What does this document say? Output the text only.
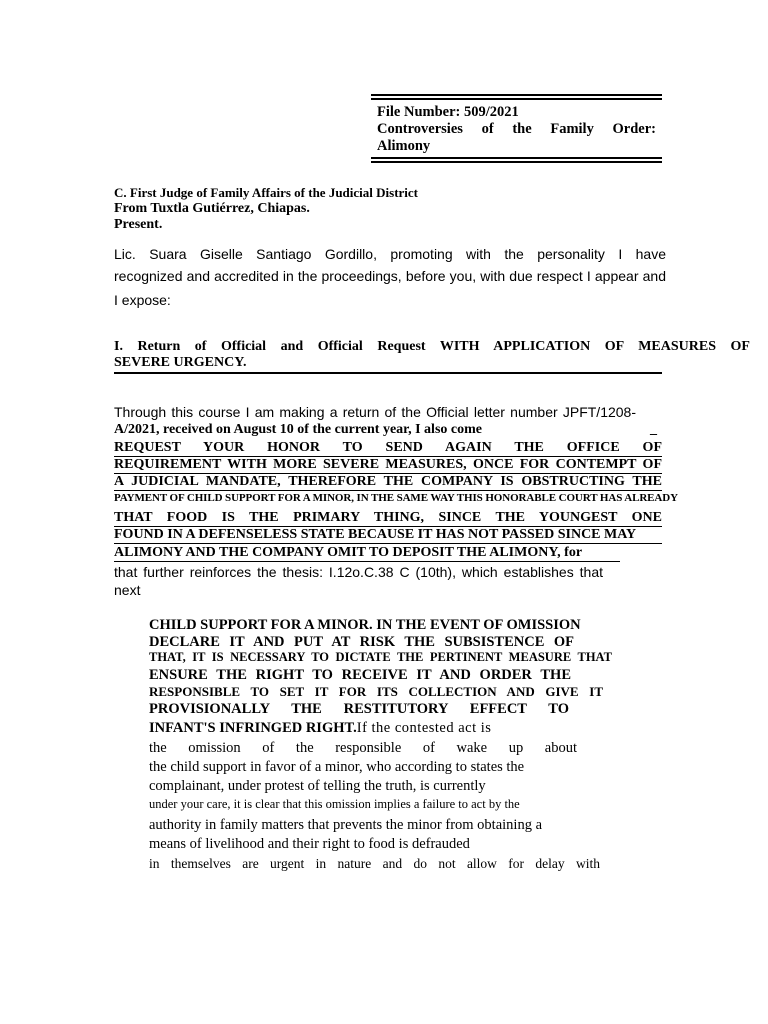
File Number: 509/2021
Controversies of the Family Order:
Alimony
C. First Judge of Family Affairs of the Judicial District
From Tuxtla Gutiérrez, Chiapas.
Present.
Lic. Suara Giselle Santiago Gordillo, promoting with the personality I have
recognized and accredited in the proceedings, before you, with due respect I appear and
I expose:
I. Return of Official and Official Request WITH APPLICATION OF MEASURES OF
SEVERE URGENCY.
Through this course I am making a return of the Official letter number JPFT/1208-
A/2021, received on August 10 of the current year, I also come	_
REQUEST YOUR HONOR TO SEND AGAIN THE OFFICE OF
REQUIREMENT WITH MORE SEVERE MEASURES, ONCE FOR CONTEMPT OF
A JUDICIAL MANDATE, THEREFORE THE COMPANY IS OBSTRUCTING THE
PAYMENT OF CHILD SUPPORT FOR A MINOR, IN THE SAME WAY THIS HONORABLE COURT HAS ALREADY
THAT FOOD IS THE PRIMARY THING, SINCE THE YOUNGEST ONE
FOUND IN A DEFENSELESS STATE BECAUSE IT HAS NOT PASSED SINCE MAY
ALIMONY AND THE COMPANY OMIT TO DEPOSIT THE ALIMONY, for
that further reinforces the thesis: I.12o.C.38 C (10th), which establishes that
next
CHILD SUPPORT FOR A MINOR. IN THE EVENT OF OMISSION
DECLARE IT AND PUT AT RISK THE SUBSISTENCE OF
THAT, IT IS NECESSARY TO DICTATE THE PERTINENT MEASURE THAT
ENSURE THE RIGHT TO RECEIVE IT AND ORDER THE
RESPONSIBLE TO SET IT FOR ITS COLLECTION AND GIVE IT
PROVISIONALLY THE RESTITUTORY EFFECT TO
INFANT'S INFRINGED RIGHT.If the contested act is
the omission of the responsible of wake up about
the child support in favor of a minor, who according to states the
complainant, under protest of telling the truth, is currently
under your care, it is clear that this omission implies a failure to act by the
authority in family matters that prevents the minor from obtaining a
means of livelihood and their right to food is defrauded
in themselves are urgent in nature and do not allow for delay with
